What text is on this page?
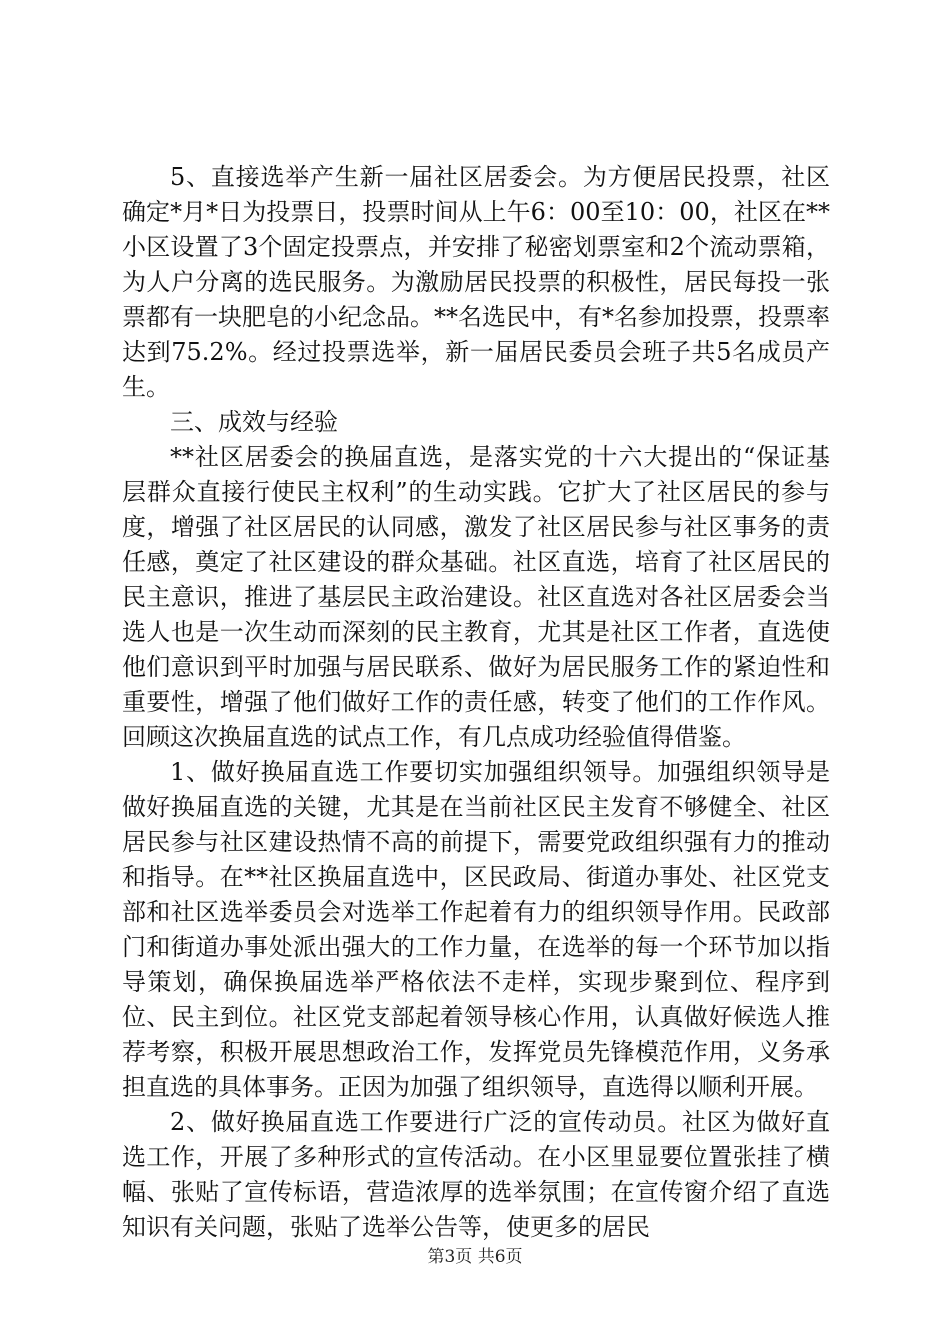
5、直接选举产生新一届社区居委会。为方便居民投票，社区确定*月*日为投票日，投票时间从上午6：00至10：00，社区在**小区设置了3个固定投票点，并安排了秘密划票室和2个流动票箱，为人户分离的选民服务。为激励居民投票的积极性，居民每投一张票都有一块肥皂的小纪念品。**名选民中，有*名参加投票，投票率达到75.2%。经过投票选举，新一届居民委员会班子共5名成员产生。

三、成效与经验

**社区居委会的换届直选，是落实党的十六大提出的“保证基层群众直接行使民主权利”的生动实践。它扩大了社区居民的参与度，增强了社区居民的认同感，激发了社区居民参与社区事务的责任感，奠定了社区建设的群众基础。社区直选，培育了社区居民的民主意识，推进了基层民主政治建设。社区直选对各社区居委会当选人也是一次生动而深刻的民主教育，尤其是社区工作者，直选使他们意识到平时加强与居民联系、做好为居民服务工作的紧迫性和重要性，增强了他们做好工作的责任感，转变了他们的工作作风。回顾这次换届直选的试点工作，有几点成功经验值得借鉴。

1、做好换届直选工作要切实加强组织领导。加强组织领导是做好换届直选的关键，尤其是在当前社区民主发育不够健全、社区居民参与社区建设热情不高的前提下，需要党政组织强有力的推动和指导。在**社区换届直选中，区民政局、街道办事处、社区党支部和社区选举委员会对选举工作起着有力的组织领导作用。民政部门和街道办事处派出强大的工作力量，在选举的每一个环节加以指导策划，确保换届选举严格依法不走样，实现步聚到位、程序到位、民主到位。社区党支部起着领导核心作用，认真做好候选人推荐考察，积极开展思想政治工作，发挥党员先锋模范作用，义务承担直选的具体事务。正因为加强了组织领导，直选得以顺利开展。

2、做好换届直选工作要进行广泛的宣传动员。社区为做好直选工作，开展了多种形式的宣传活动。在小区里显要位置张挂了横幅、张贴了宣传标语，营造浓厚的选举氛围；在宣传窗介绍了直选知识有关问题，张贴了选举公告等，使更多的居民

第3页 共6页
